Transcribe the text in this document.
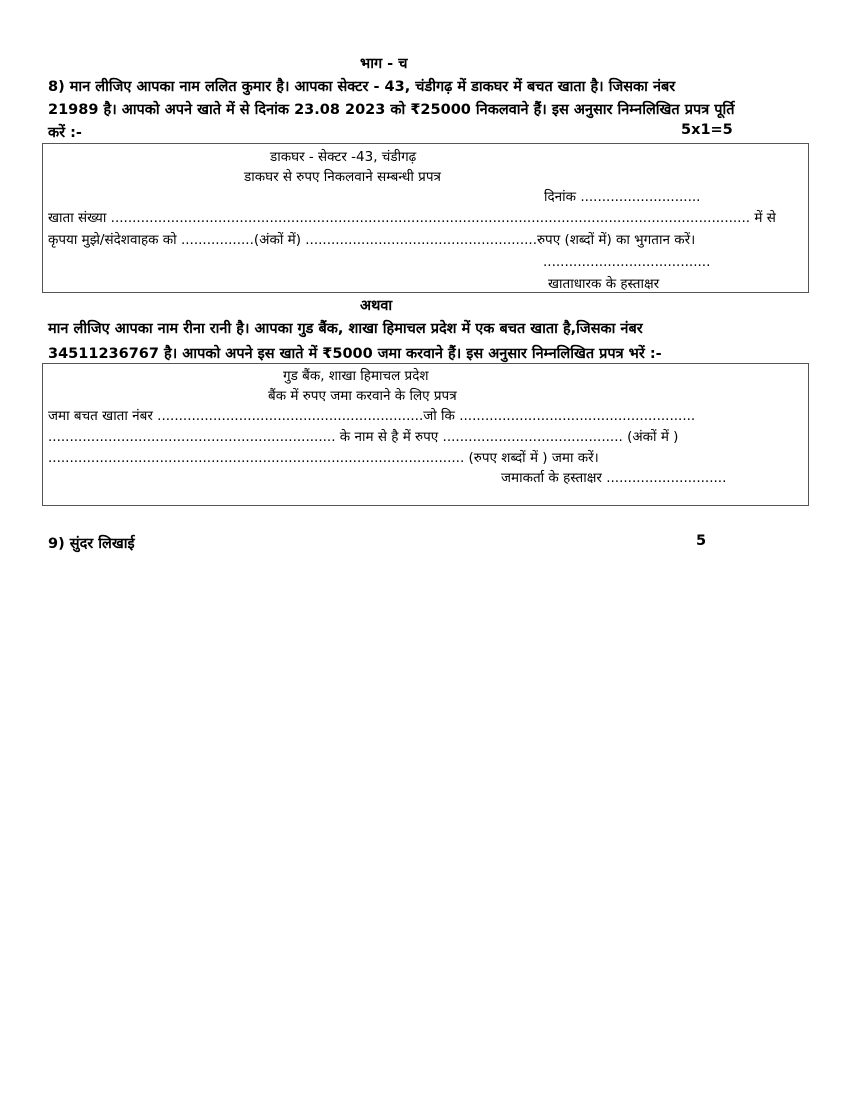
भाग - च
8) मान लीजिए आपका नाम ललित कुमार है। आपका सेक्टर - 43, चंडीगढ़ में डाकघर में बचत खाता है। जिसका नंबर
21989 है। आपको अपने खाते में से दिनांक 23.08 2023 को ₹25000 निकलवाने हैं। इस अनुसार निम्नलिखित प्रपत्र पूर्ति
करें :-	5x1=5
डाकघर - सेक्टर -43, चंडीगढ़
डाकघर से रुपए निकलवाने सम्बन्धी प्रपत्र
दिनांक ............................
खाता संख्या ..................................................................................................................................................... में से
कृपया मुझे/संदेशवाहक को .................(अंकों में) ......................................................रुपए (शब्दों में) का भुगतान करें।
.......................................
खाताधारक के हस्ताक्षर
अथवा
मान लीजिए आपका नाम रीना रानी है। आपका गुड बैंक, शाखा हिमाचल प्रदेश में एक बचत खाता है,जिसका नंबर
34511236767 है। आपको अपने इस खाते में ₹5000 जमा करवाने हैं। इस अनुसार निम्नलिखित प्रपत्र भरें :-
गुड बैंक, शाखा हिमाचल प्रदेश
बैंक में रुपए जमा करवाने के लिए प्रपत्र
जमा बचत खाता नंबर ..............................................................जो कि .......................................................
................................................................... के नाम से है में रुपए .......................................... (अंकों में )
................................................................................................. (रुपए शब्दों में ) जमा करें।
जमाकर्ता के हस्ताक्षर ............................
9) सुंदर लिखाई	5
